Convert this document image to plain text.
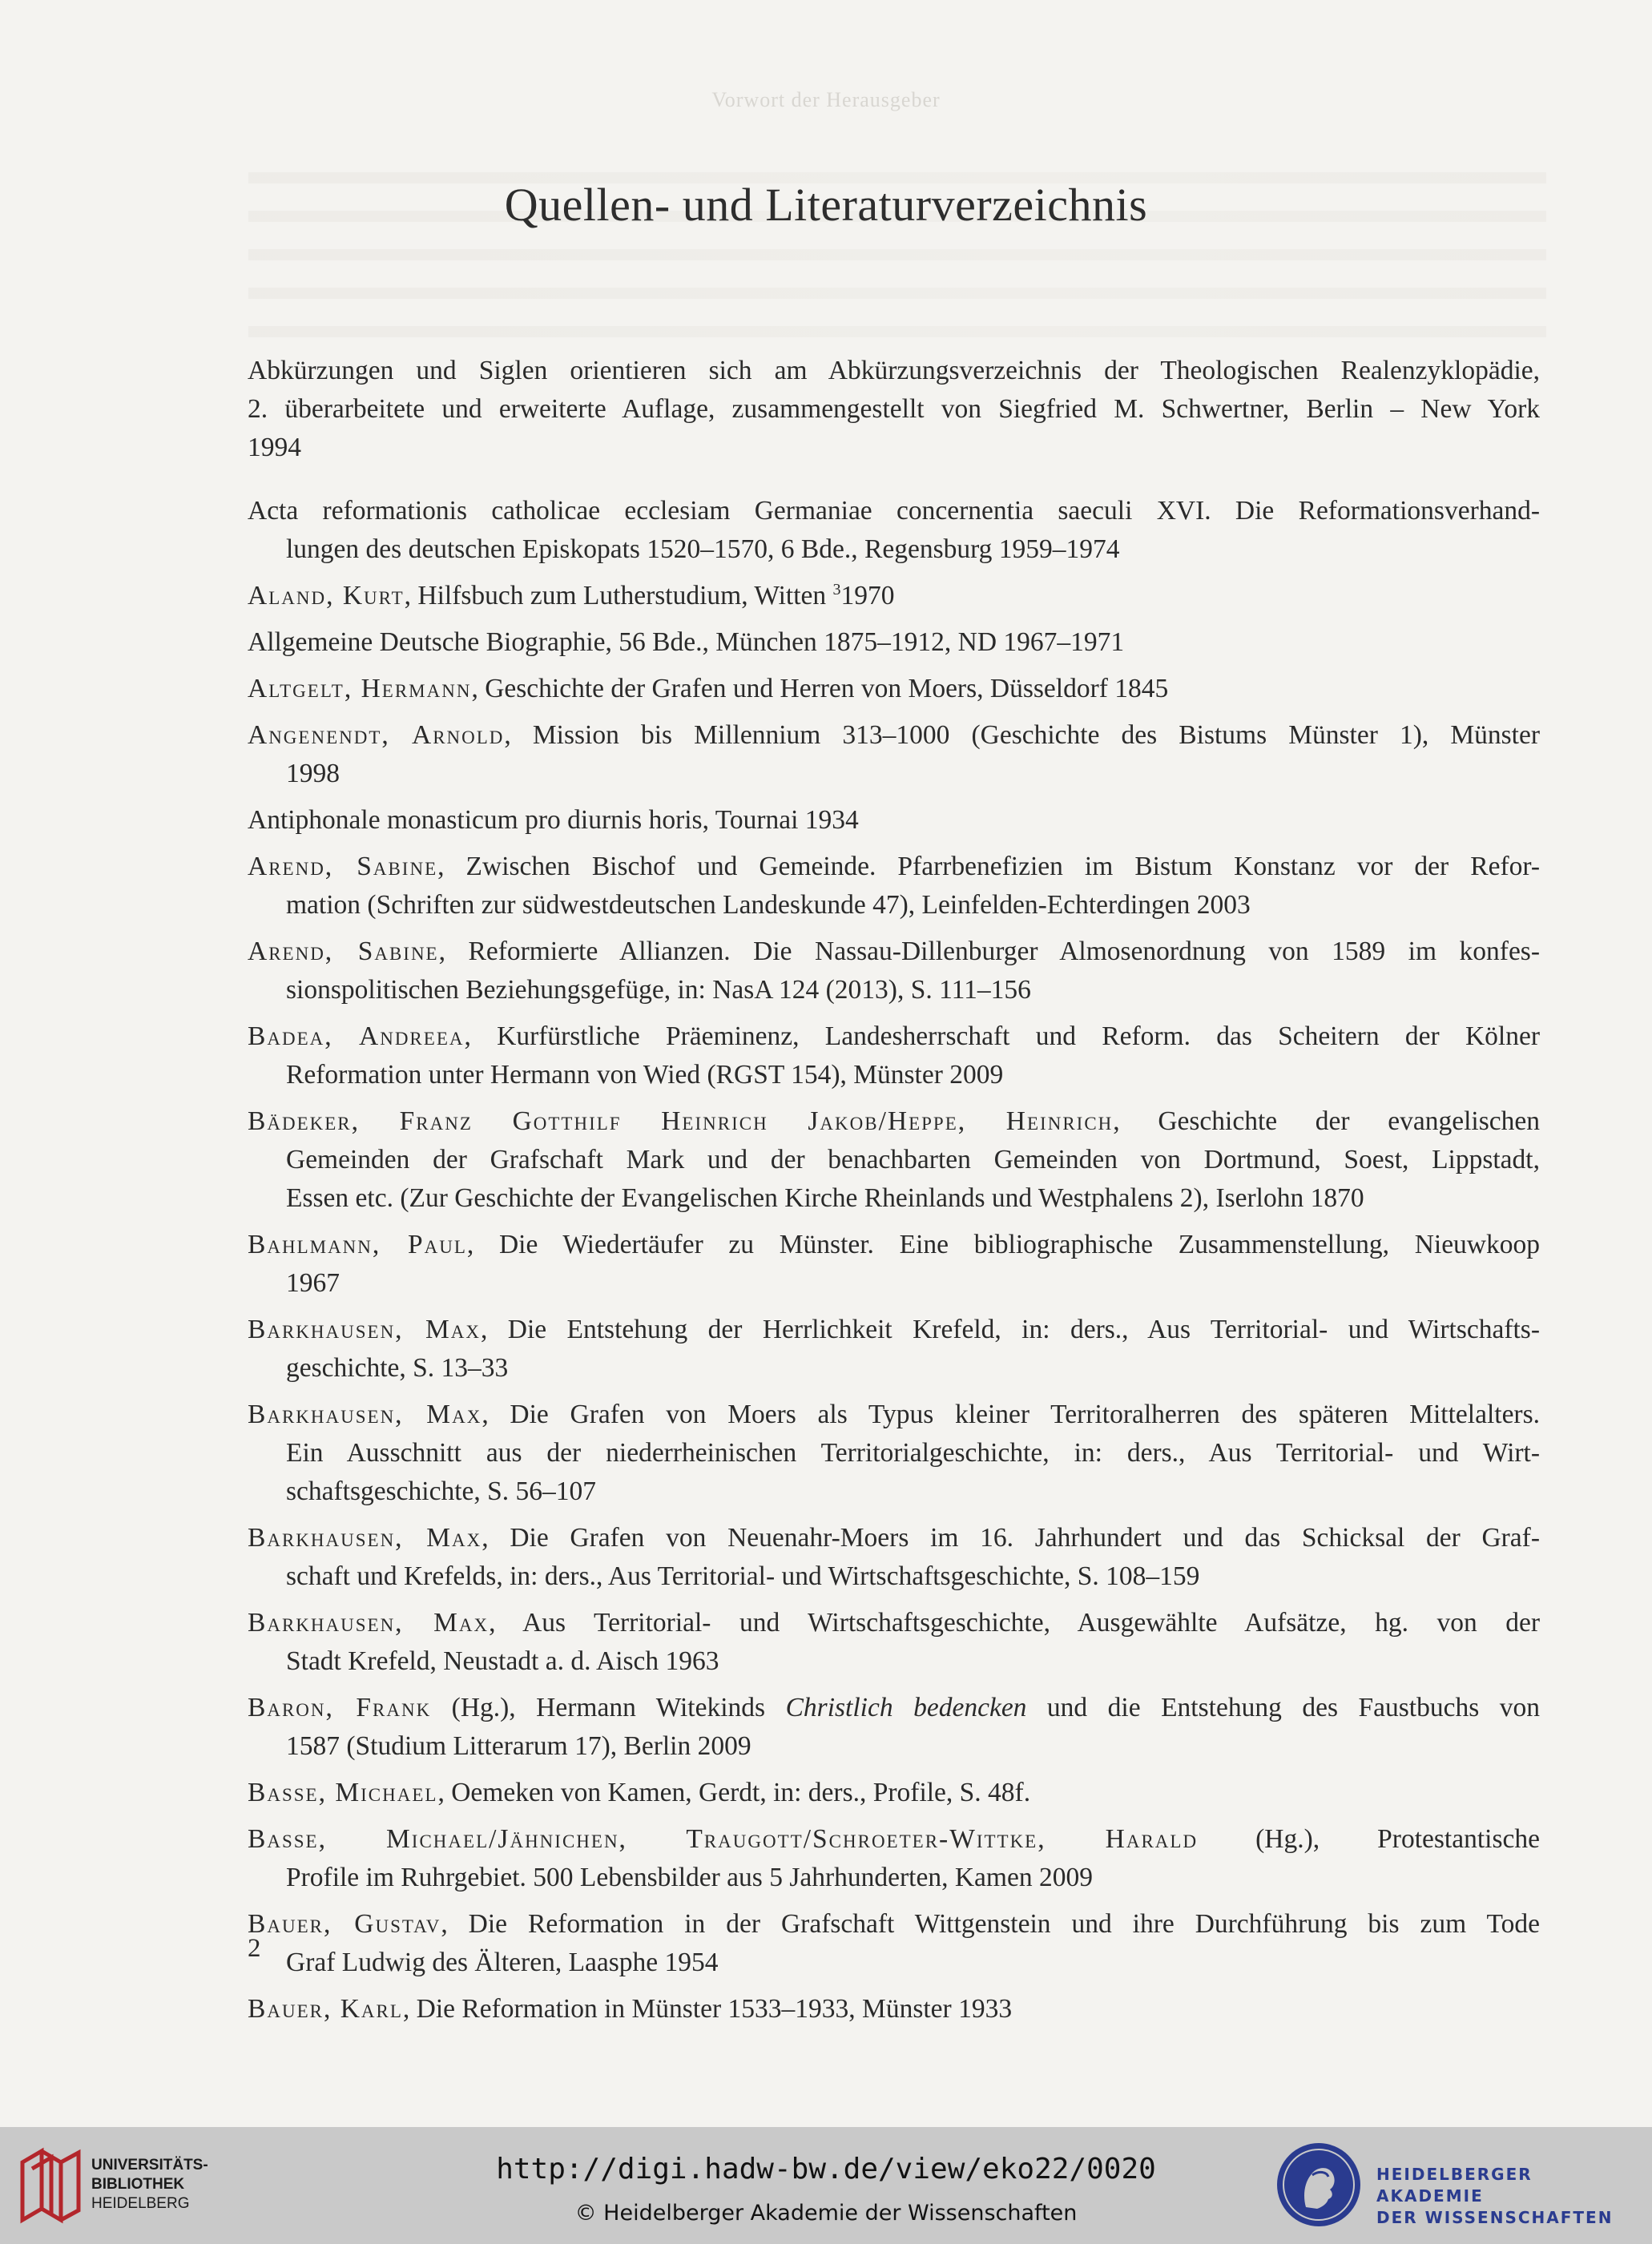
Vorwort der Herausgeber
Quellen- und Literaturverzeichnis
Abkürzungen und Siglen orientieren sich am Abkürzungsverzeichnis der Theologischen Realenzyklopädie,
2. überarbeitete und erweiterte Auflage, zusammengestellt von Siegfried M. Schwertner, Berlin – New York
1994
Acta reformationis catholicae ecclesiam Germaniae concernentia saeculi XVI. Die Reformationsverhand-
lungen des deutschen Episkopats 1520–1570, 6 Bde., Regensburg 1959–1974
Aland, Kurt, Hilfsbuch zum Lutherstudium, Witten $^3$1970
Allgemeine Deutsche Biographie, 56 Bde., München 1875–1912, ND 1967–1971
Altgelt, Hermann, Geschichte der Grafen und Herren von Moers, Düsseldorf 1845
Angenendt, Arnold, Mission bis Millennium 313–1000 (Geschichte des Bistums Münster 1), Münster
1998
Antiphonale monasticum pro diurnis horis, Tournai 1934
Arend, Sabine, Zwischen Bischof und Gemeinde. Pfarrbenefizien im Bistum Konstanz vor der Refor-
mation (Schriften zur südwestdeutschen Landeskunde 47), Leinfelden-Echterdingen 2003
Arend, Sabine, Reformierte Allianzen. Die Nassau-Dillenburger Almosenordnung von 1589 im konfes-
sionspolitischen Beziehungsgefüge, in: NasA 124 (2013), S. 111–156
Badea, Andreea, Kurfürstliche Präeminenz, Landesherrschaft und Reform. das Scheitern der Kölner
Reformation unter Hermann von Wied (RGST 154), Münster 2009
Bädeker, Franz Gotthilf Heinrich Jakob/Heppe, Heinrich, Geschichte der evangelischen
Gemeinden der Grafschaft Mark und der benachbarten Gemeinden von Dortmund, Soest, Lippstadt,
Essen etc. (Zur Geschichte der Evangelischen Kirche Rheinlands und Westphalens 2), Iserlohn 1870
Bahlmann, Paul, Die Wiedertäufer zu Münster. Eine bibliographische Zusammenstellung, Nieuwkoop
1967
Barkhausen, Max, Die Entstehung der Herrlichkeit Krefeld, in: ders., Aus Territorial- und Wirtschafts-
geschichte, S. 13–33
Barkhausen, Max, Die Grafen von Moers als Typus kleiner Territoralherren des späteren Mittelalters.
Ein Ausschnitt aus der niederrheinischen Territorialgeschichte, in: ders., Aus Territorial- und Wirt-
schaftsgeschichte, S. 56–107
Barkhausen, Max, Die Grafen von Neuenahr-Moers im 16. Jahrhundert und das Schicksal der Graf-
schaft und Krefelds, in: ders., Aus Territorial- und Wirtschaftsgeschichte, S. 108–159
Barkhausen, Max, Aus Territorial- und Wirtschaftsgeschichte, Ausgewählte Aufsätze, hg. von der
Stadt Krefeld, Neustadt a. d. Aisch 1963
Baron, Frank (Hg.), Hermann Witekinds Christlich bedencken und die Entstehung des Faustbuchs von
1587 (Studium Litterarum 17), Berlin 2009
Basse, Michael, Oemeken von Kamen, Gerdt, in: ders., Profile, S. 48f.
Basse, Michael/Jähnichen, Traugott/Schroeter-Wittke, Harald (Hg.), Protestantische
Profile im Ruhrgebiet. 500 Lebensbilder aus 5 Jahrhunderten, Kamen 2009
Bauer, Gustav, Die Reformation in der Grafschaft Wittgenstein und ihre Durchführung bis zum Tode
Graf Ludwig des Älteren, Laasphe 1954
Bauer, Karl, Die Reformation in Münster 1533–1933, Münster 1933
2
UNIVERSITÄTS-
BIBLIOTHEK
HEIDELBERG
http://digi.hadw-bw.de/view/eko22/0020
© Heidelberger Akademie der Wissenschaften
HEIDELBERGER AKADEMIE
DER WISSENSCHAFTEN
